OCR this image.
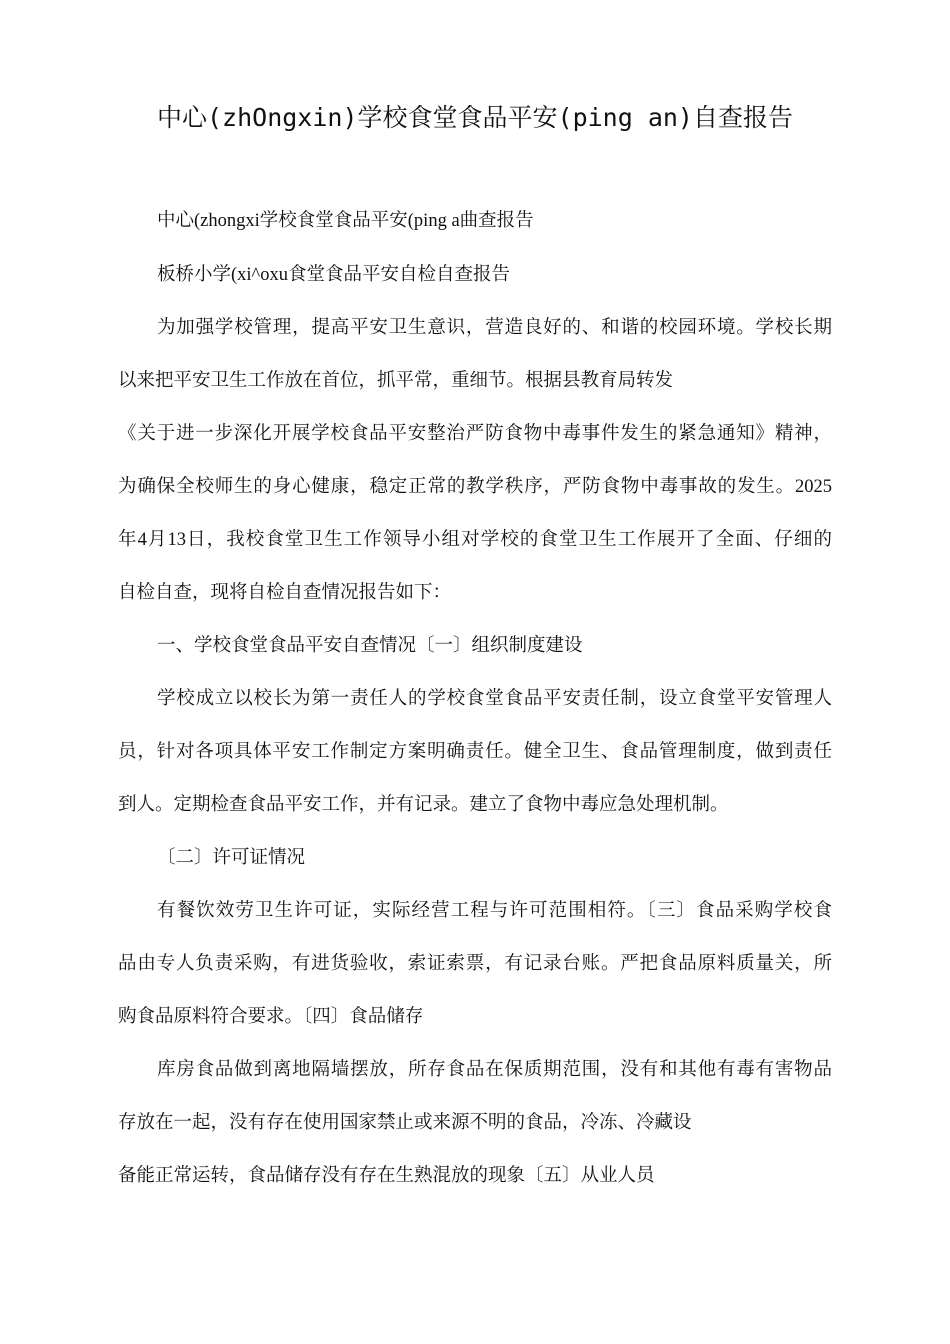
中心(zhOngxin)学校食堂食品平安(ping an)自查报告
中心(zhongxi学校食堂食品平安(ping a曲查报告
板桥小学(xi^oxu食堂食品平安自检自查报告
为加强学校管理，提高平安卫生意识，营造良好的、和谐的校园环境。学校长期
以来把平安卫生工作放在首位，抓平常，重细节。根据县教育局转发
《关于进一步深化开展学校食品平安整治严防食物中毒事件发生的紧急通知》精神，
为确保全校师生的身心健康，稳定正常的教学秩序，严防食物中毒事故的发生。2025
年4月13日，我校食堂卫生工作领导小组对学校的食堂卫生工作展开了全面、仔细的
自检自查，现将自检自查情况报告如下：
一、学校食堂食品平安自查情况〔一〕组织制度建设
学校成立以校长为第一责任人的学校食堂食品平安责任制，设立食堂平安管理人
员，针对各项具体平安工作制定方案明确责任。健全卫生、食品管理制度，做到责任
到人。定期检查食品平安工作，并有记录。建立了食物中毒应急处理机制。
〔二〕许可证情况
有餐饮效劳卫生许可证，实际经营工程与许可范围相符。〔三〕食品采购学校食
品由专人负责采购，有进货验收，索证索票，有记录台账。严把食品原料质量关，所
购食品原料符合要求。〔四〕食品储存
库房食品做到离地隔墙摆放，所存食品在保质期范围，没有和其他有毒有害物品
存放在一起，没有存在使用国家禁止或来源不明的食品，冷冻、冷藏设
备能正常运转，食品储存没有存在生熟混放的现象〔五〕从业人员
